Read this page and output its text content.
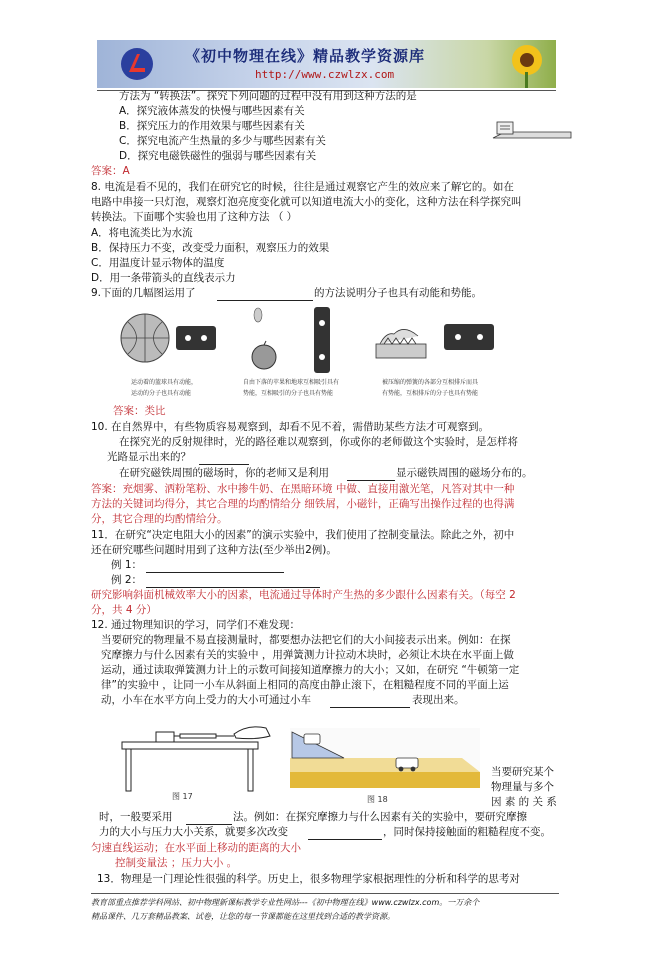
《初中物理在线》精品教学资源库
http://www.czwlzx.com
方法为 “转换法”。探究下列问题的过程中没有用到这种方法的是
A．探究液体蒸发的快慢与哪些因素有关
B．探究压力的作用效果与哪些因素有关
C．探究电流产生热量的多少与哪些因素有关
D．探究电磁铁磁性的强弱与哪些因素有关
答案：A
8. 电流是看不见的，我们在研究它的时候，往往是通过观察它产生的效应来了解它的。如在
电路中串接一只灯泡，观察灯泡亮度变化就可以知道电流大小的变化，这种方法在科学探究叫
转换法。下面哪个实验也用了这种方法 （ ）
A．将电流类比为水流
B．保持压力不变，改变受力面积，观察压力的效果
C．用温度计显示物体的温度
D．用一条带箭头的直线表示力
9.下面的几幅图运用了	的方法说明分子也具有动能和势能。
运动着的篮球具有动能，
运动的分子也具有动能
自由下落的苹果和地球互相吸引具有
势能，互相吸引的分子也具有势能
被压缩的弹簧的各部分互相排斥而具
有势能，互相排斥的分子也具有势能
答案：类比
10. 在自然界中，有些物质容易观察到，却看不见不着，需借助某些方法才可观察到。
在探究光的反射规律时，光的路径难以观察到，你或你的老师做这个实验时，是怎样将
光路显示出来的？
在研究磁铁周围的磁场时，你的老师又是利用	显示磁铁周围的磁场分布的。
答案：充烟雾、洒粉笔粉、水中掺牛奶、在黑暗环境 中做、直接用激光笔，凡答对其中一种
方法的关键词均得分，其它合理的均酌情给分 细铁屑，小磁针，正确写出操作过程的也得满
分，其它合理的均酌情给分。
11．在研究“决定电阻大小的因素”的演示实验中，我们使用了控制变量法。除此之外，初中
还在研究哪些问题时用到了这种方法(至少举出2例)。
例 1：
例 2：
研究影响斜面机械效率大小的因素，电流通过导体时产生热的多少跟什么因素有关。（每空 2
分，共 4 分）
12. 通过物理知识的学习，同学们不难发现：
当要研究的物理量不易直接测量时，都要想办法把它们的大小间接表示出来。例如：在探
究摩擦力与什么因素有关的实验中 ，用弹簧测力计拉动木块时，必须让木块在水平面上做
运动，通过读取弹簧测力计上的示数可间接知道摩擦力的大小；又如，在研究 “牛顿第一定
律”的实验中 ，让同一小车从斜面上相同的高度由静止滚下，在粗糙程度不同的平面上运
动，小车在水平方向上受力的大小可通过小车	表现出来。
图 17	图 18
当要研究某个
物理量与多个
因 素 的 关 系
时，一般要采用	法。例如：在探究摩擦力与什么因素有关的实验中，要研究摩擦
力的大小与压力大小关系，就要多次改变	，同时保持接触面的粗糙程度不变。
匀速直线运动；在水平面上移动的距离的大小
控制变量法 ；压力大小 。
13．物理是一门理论性很强的科学。历史上，很多物理学家根据理性的分析和科学的思考对
教育部重点推荐学科网站、初中物理新课标教学专业性网站---《初中物理在线》www.czwlzx.com。一万余个
精品课件、几万套精品教案、试卷，让您的每一节课都能在这里找到合适的教学资源。
